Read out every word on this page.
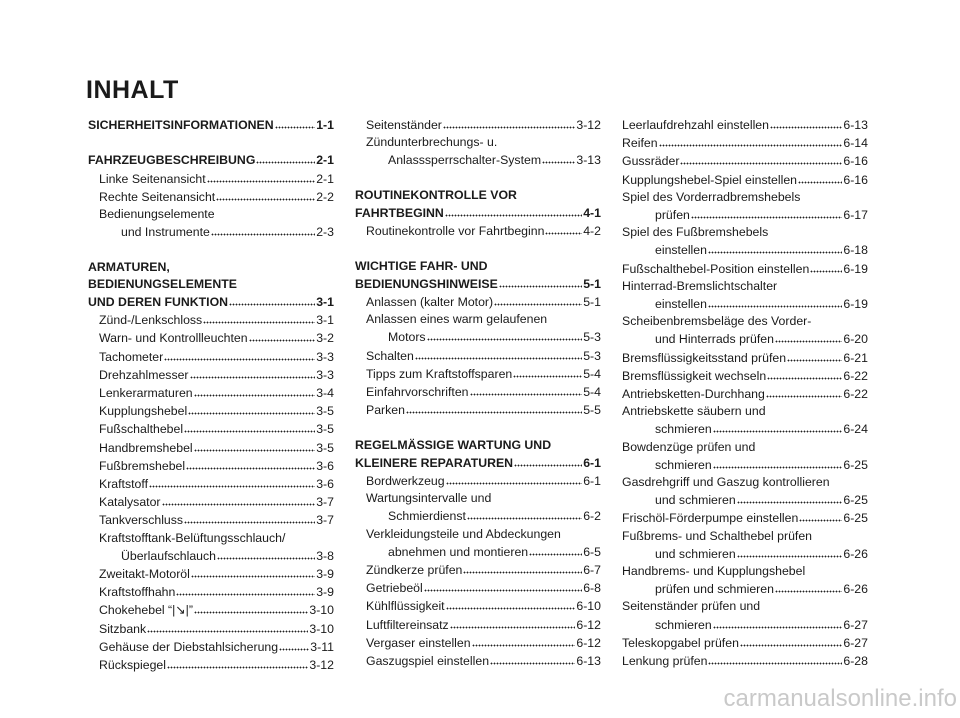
INHALT
SICHERHEITSINFORMATIONEN	1-1
FAHRZEUGBESCHREIBUNG	2-1
Linke Seitenansicht	2-1
Rechte Seitenansicht	2-2
Bedienungselemente
und Instrumente	2-3
ARMATUREN,
BEDIENUNGSELEMENTE
UND DEREN FUNKTION	3-1
Zünd-/Lenkschloss	3-1
Warn- und Kontrollleuchten	3-2
Tachometer	3-3
Drehzahlmesser	3-3
Lenkerarmaturen	3-4
Kupplungshebel	3-5
Fußschalthebel	3-5
Handbremshebel	3-5
Fußbremshebel	3-6
Kraftstoff	3-6
Katalysator	3-7
Tankverschluss	3-7
Kraftstofftank-Belüftungsschlauch/
Überlaufschlauch	3-8
Zweitakt-Motoröl	3-9
Kraftstoffhahn	3-9
Chokehebel “|↘|”	3-10
Sitzbank	3-10
Gehäuse der Diebstahlsicherung	3-11
Rückspiegel	3-12
Seitenständer	3-12
Zündunterbrechungs- u.
Anlasssperrschalter-System	3-13
ROUTINEKONTROLLE VOR
FAHRTBEGINN	4-1
Routinekontrolle vor Fahrtbeginn	4-2
WICHTIGE FAHR- UND
BEDIENUNGSHINWEISE	5-1
Anlassen (kalter Motor)	5-1
Anlassen eines warm gelaufenen
Motors	5-3
Schalten	5-3
Tipps zum Kraftstoffsparen	5-4
Einfahrvorschriften	5-4
Parken	5-5
REGELMÄSSIGE WARTUNG UND
KLEINERE REPARATUREN	6-1
Bordwerkzeug	6-1
Wartungsintervalle und
Schmierdienst	6-2
Verkleidungsteile und Abdeckungen
abnehmen und montieren	6-5
Zündkerze prüfen	6-7
Getriebeöl	6-8
Kühlflüssigkeit	6-10
Luftfiltereinsatz	6-12
Vergaser einstellen	6-12
Gaszugspiel einstellen	6-13
Leerlaufdrehzahl einstellen	6-13
Reifen	6-14
Gussräder	6-16
Kupplungshebel-Spiel einstellen	6-16
Spiel des Vorderradbremshebels
prüfen	6-17
Spiel des Fußbremshebels
einstellen	6-18
Fußschalthebel-Position einstellen	6-19
Hinterrad-Bremslichtschalter
einstellen	6-19
Scheibenbremsbeläge des Vorder-
und Hinterrads prüfen	6-20
Bremsflüssigkeitsstand prüfen	6-21
Bremsflüssigkeit wechseln	6-22
Antriebsketten-Durchhang	6-22
Antriebskette säubern und
schmieren	6-24
Bowdenzüge prüfen und
schmieren	6-25
Gasdrehgriff und Gaszug kontrollieren
und schmieren	6-25
Frischöl-Förderpumpe einstellen	6-25
Fußbrems- und Schalthebel prüfen
und schmieren	6-26
Handbrems- und Kupplungshebel
prüfen und schmieren	6-26
Seitenständer prüfen und
schmieren	6-27
Teleskopgabel prüfen	6-27
Lenkung prüfen	6-28
carmanualsonline.info
